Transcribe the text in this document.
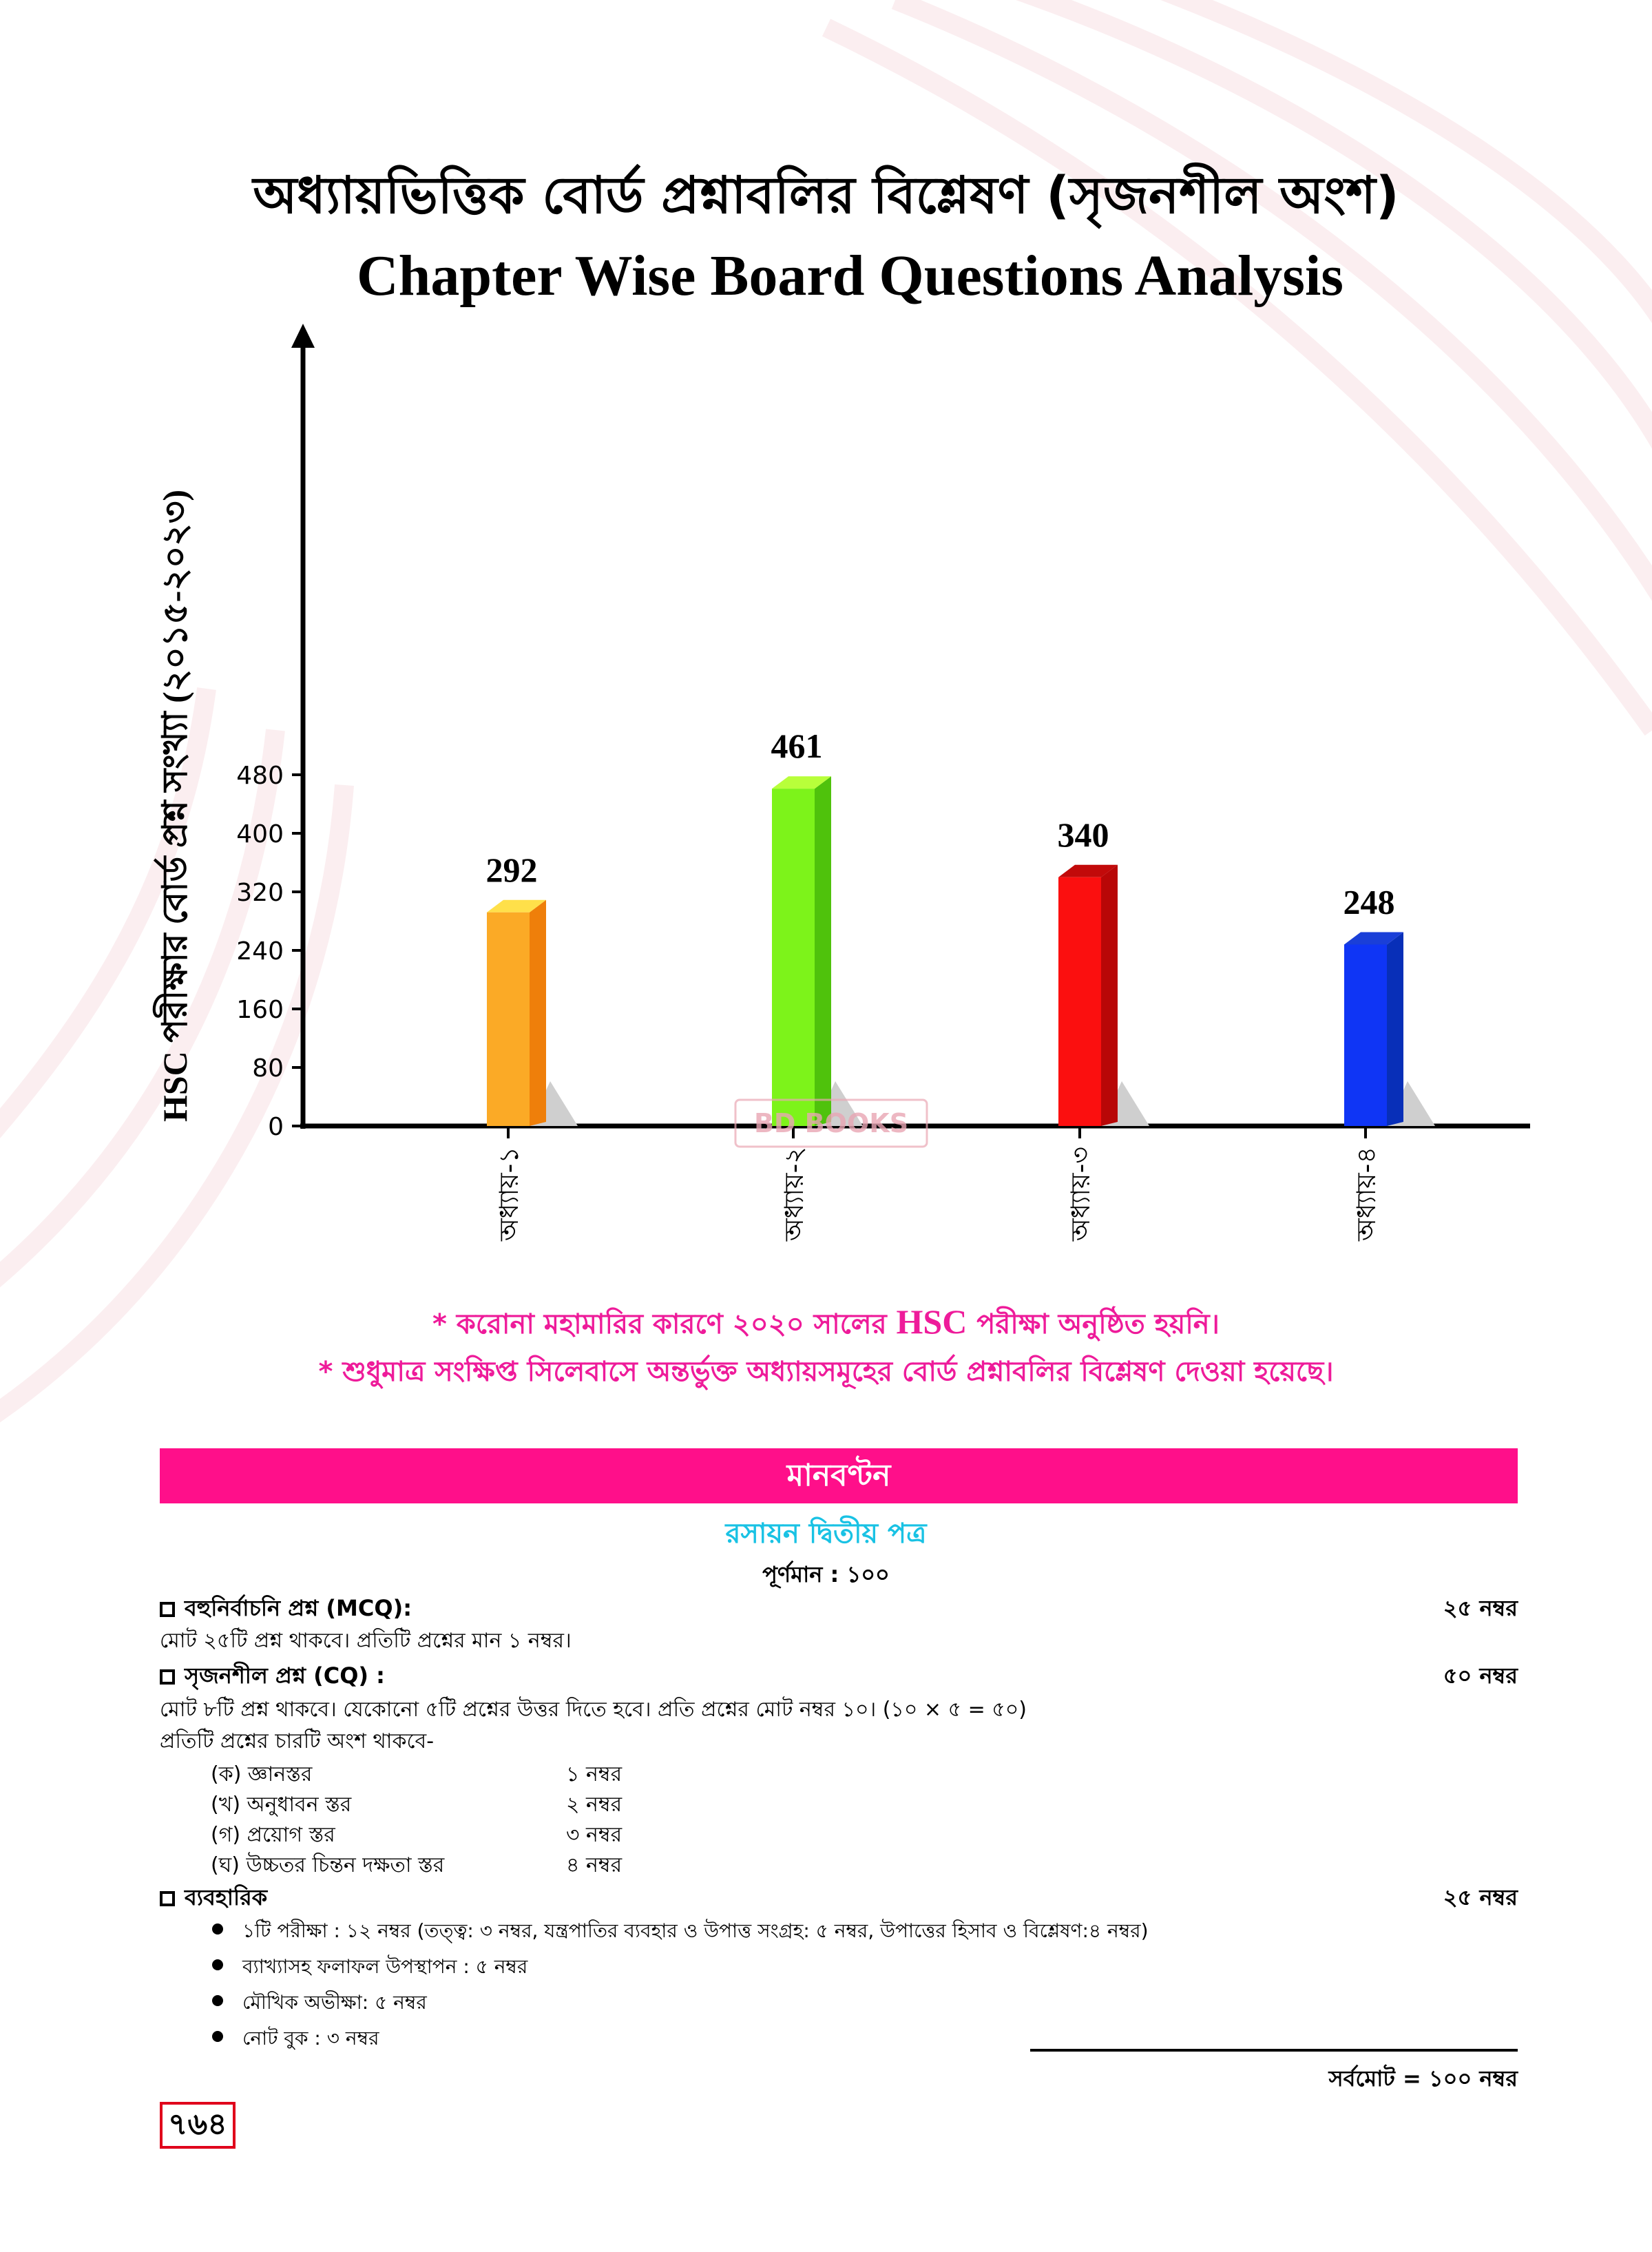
অধ্যায়ভিত্তিক বোর্ড প্রশ্নাবলির বিশ্লেষণ (সৃজনশীল অংশ)
Chapter Wise Board Questions Analysis
0
80
160
240
320
400
480
292
অধ্যায়-১
461
অধ্যায়-২
340
অধ্যায়-৩
248
অধ্যায়-৪
BD BOOKS
HSC পরীক্ষার বোর্ড প্রশ্ন সংখ্যা (২০১৫-২০২৩)
* করোনা মহামারির কারণে ২০২০ সালের HSC পরীক্ষা অনুষ্ঠিত হয়নি।
* শুধুমাত্র সংক্ষিপ্ত সিলেবাসে অন্তর্ভুক্ত অধ্যায়সমূহের বোর্ড প্রশ্নাবলির বিশ্লেষণ দেওয়া হয়েছে।
মানবণ্টন
রসায়ন দ্বিতীয় পত্র
পূর্ণমান : ১০০
বহুনির্বাচনি প্রশ্ন (MCQ):	২৫ নম্বর
মোট ২৫টি প্রশ্ন থাকবে। প্রতিটি প্রশ্নের মান ১ নম্বর।
সৃজনশীল প্রশ্ন (CQ) :	৫০ নম্বর
মোট ৮টি প্রশ্ন থাকবে। যেকোনো ৫টি প্রশ্নের উত্তর দিতে হবে। প্রতি প্রশ্নের মোট নম্বর ১০। (১০ × ৫ = ৫০)
প্রতিটি প্রশ্নের চারটি অংশ থাকবে-
(ক) জ্ঞানস্তর	১ নম্বর
(খ) অনুধাবন স্তর	২ নম্বর
(গ) প্রয়োগ স্তর	৩ নম্বর
(ঘ) উচ্চতর চিন্তন দক্ষতা স্তর	৪ নম্বর
ব্যবহারিক	২৫ নম্বর
১টি পরীক্ষা : ১২ নম্বর (তত্ত্ব: ৩ নম্বর, যন্ত্রপাতির ব্যবহার ও উপাত্ত সংগ্রহ: ৫ নম্বর, উপাত্তের হিসাব ও বিশ্লেষণ:৪ নম্বর)
ব্যাখ্যাসহ ফলাফল উপস্থাপন : ৫ নম্বর
মৌখিক অভীক্ষা: ৫ নম্বর
নোট বুক : ৩ নম্বর
সর্বমোট = ১০০ নম্বর
৭৬৪
